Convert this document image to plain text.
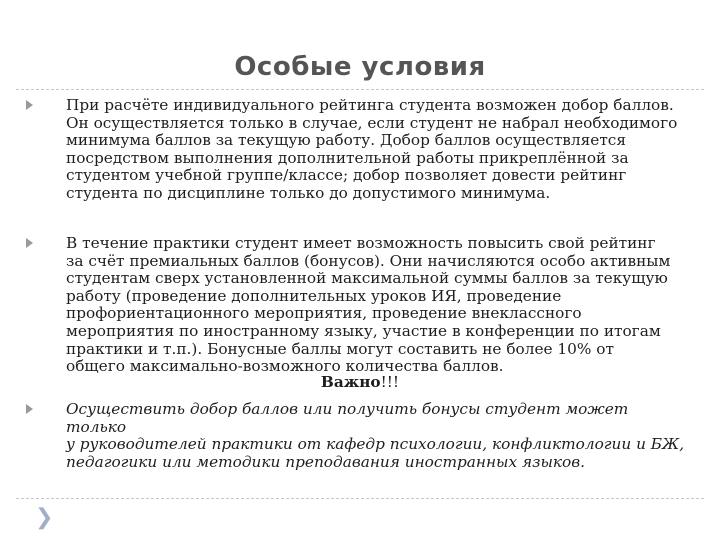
Особые условия
При расчёте индивидуального рейтинга студента возможен добор баллов.
Он осуществляется только в случае, если студент не набрал необходимого
минимума баллов за текущую работу. Добор баллов осуществляется
посредством выполнения дополнительной работы прикреплённой за
студентом учебной группе/классе; добор позволяет довести рейтинг
студента по дисциплине только до допустимого минимума.
В течение практики студент имеет возможность повысить свой рейтинг
за счёт премиальных баллов (бонусов). Они начисляются особо активным
студентам сверх установленной максимальной суммы баллов за текущую
работу (проведение дополнительных уроков ИЯ, проведение
профориентационного мероприятия, проведение внеклассного
мероприятия по иностранному языку, участие в конференции по итогам
практики и т.п.). Бонусные баллы могут составить не более 10% от
общего максимально-возможного количества баллов.
Важно!!!
Осуществить добор баллов или получить бонусы студент может только
у руководителей практики от кафедр психологии, конфликтологии и БЖ,
педагогики или методики преподавания иностранных языков.
❯
